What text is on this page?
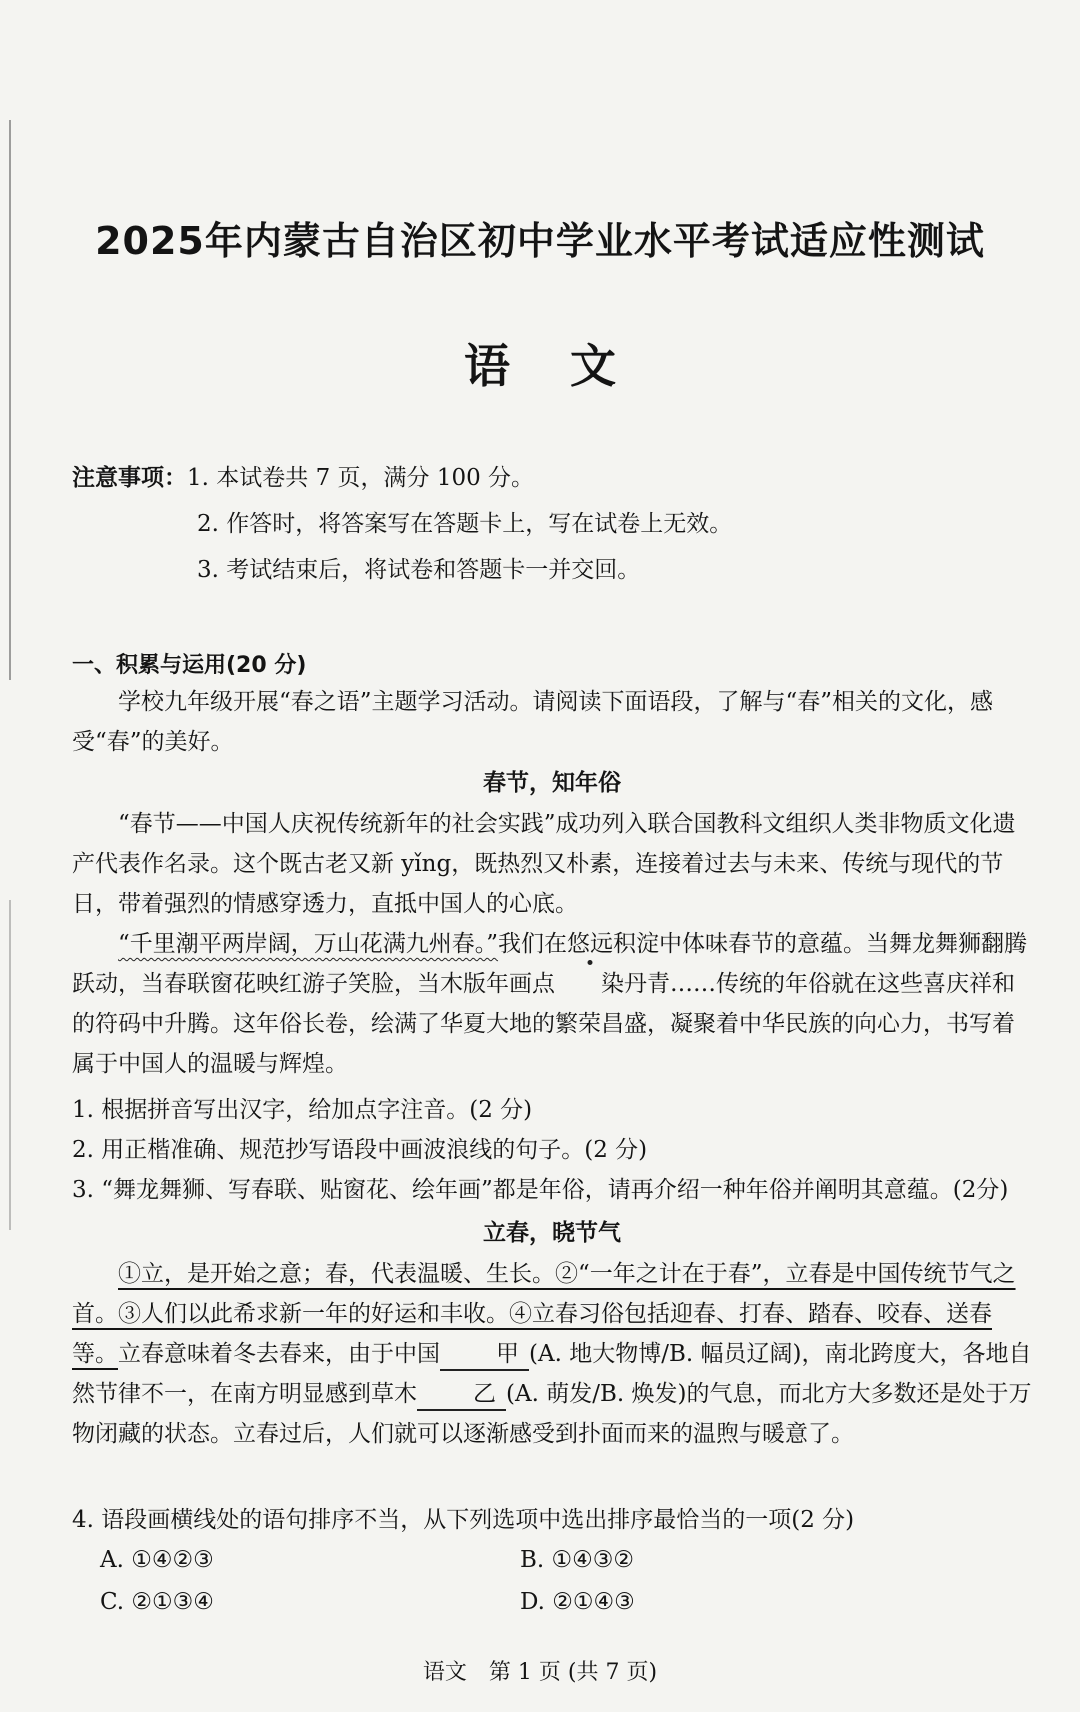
2025年内蒙古自治区初中学业水平考试适应性测试
语文
注意事项：1. 本试卷共 7 页，满分 100 分。
2. 作答时，将答案写在答题卡上，写在试卷上无效。
3. 考试结束后，将试卷和答题卡一并交回。
一、积累与运用(20 分)
学校九年级开展“春之语”主题学习活动。请阅读下面语段，了解与“春”相关的文化，感受“春”的美好。
春节，知年俗
“春节——中国人庆祝传统新年的社会实践”成功列入联合国教科文组织人类非物质文化遗产代表作名录。这个既古老又新 yǐng，既热烈又朴素，连接着过去与未来、传统与现代的节日，带着强烈的情感穿透力，直抵中国人的心底。
“千里潮平两岸阔，万山花满九州春。”我们在悠远积淀中体味春节的意蕴。当舞龙舞狮翻腾跃动，当春联窗花映红游子笑脸，当木版年画点 染丹青……传统的年俗就在这些喜庆祥和的符码中升腾。这年俗长卷，绘满了华夏大地的繁荣昌盛，凝聚着中华民族的向心力，书写着属于中国人的温暖与辉煌。
1. 根据拼音写出汉字，给加点字注音。(2 分)
2. 用正楷准确、规范抄写语段中画波浪线的句子。(2 分)
3. “舞龙舞狮、写春联、贴窗花、绘年画”都是年俗，请再介绍一种年俗并阐明其意蕴。(2分)
立春，晓节气
①立，是开始之意；春，代表温暖、生长。②“一年之计在于春”，立春是中国传统节气之首。③人们以此希求新一年的好运和丰收。④立春习俗包括迎春、打春、踏春、咬春、送春等。立春意味着冬去春来，由于中国 甲 (A. 地大物博/B. 幅员辽阔)，南北跨度大，各地自然节律不一，在南方明显感到草木 乙 (A. 萌发/B. 焕发)的气息，而北方大多数还是处于万物闭藏的状态。立春过后，人们就可以逐渐感受到扑面而来的温煦与暖意了。
4. 语段画横线处的语句排序不当，从下列选项中选出排序最恰当的一项(2 分)
A. ①④②③	B. ①④③②
C. ②①③④	D. ②①④③
语文　第 1 页 (共 7 页)
